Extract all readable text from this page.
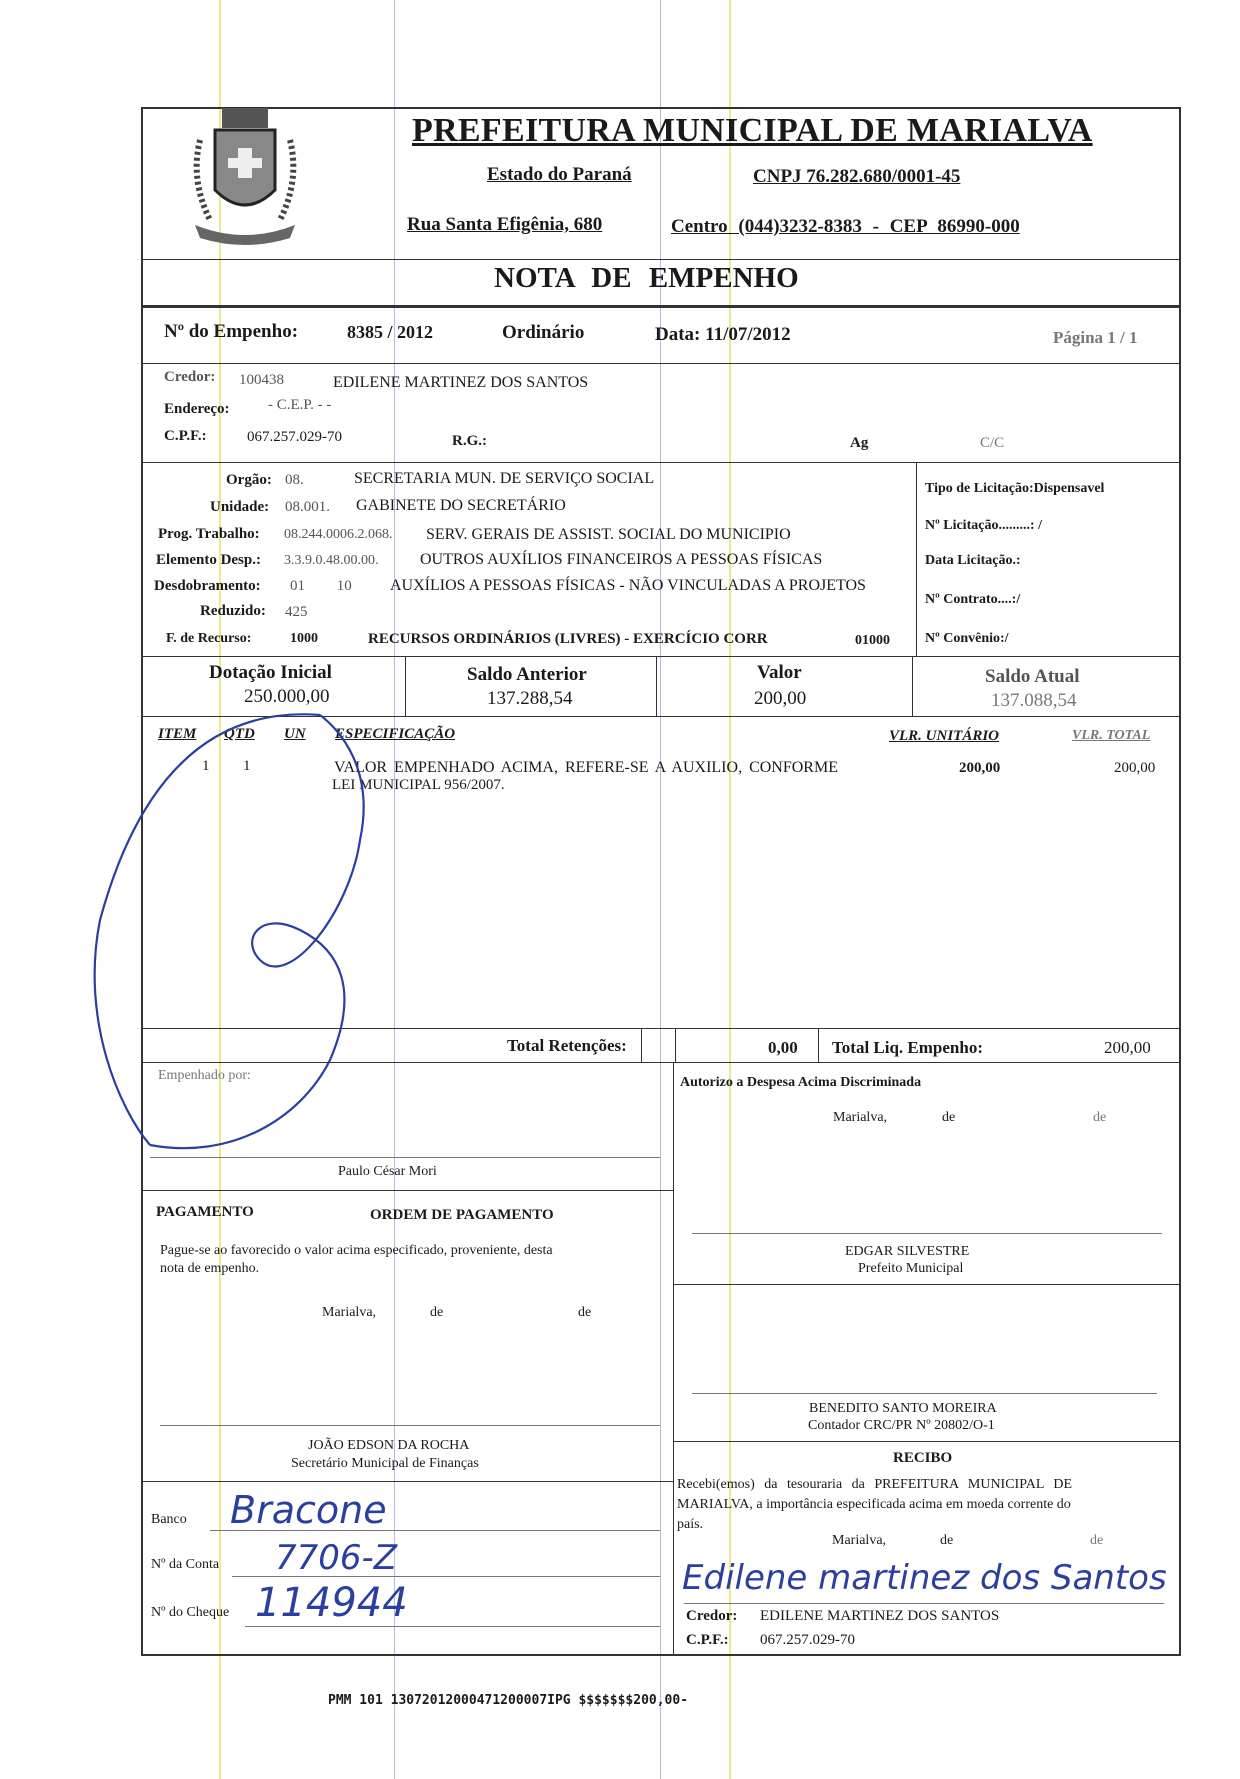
PREFEITURA MUNICIPAL DE MARIALVA
Estado do Paraná	CNPJ 76.282.680/0001-45
Rua Santa Efigênia, 680	Centro (044)3232-8383 - CEP 86990-000
NOTA DE EMPENHO
Nº do Empenho:	8385 / 2012	Ordinário	Data: 11/07/2012	Página 1 / 1
Credor: 100438	EDILENE MARTINEZ DOS SANTOS
Endereço:	- C.E.P. - -
C.P.F.:	067.257.029-70	R.G.:	Ag	C/C
Orgão: 08.	SECRETARIA MUN. DE SERVIÇO SOCIAL
Unidade: 08.001. GABINETE DO SECRETÁRIO
Prog. Trabalho: 08.244.0006.2.068. SERV. GERAIS DE ASSIST. SOCIAL DO MUNICIPIO
Elemento Desp.: 3.3.9.0.48.00.00.	OUTROS AUXÍLIOS FINANCEIROS A PESSOAS FÍSICAS
Desdobramento: 01 10 AUXÍLIOS A PESSOAS FÍSICAS - NÃO VINCULADAS A PROJETOS
Reduzido: 425
F. de Recurso:	1000	RECURSOS ORDINÁRIOS (LIVRES) - EXERCÍCIO CORR	01000
Tipo de Licitação:Dispensavel
Nº Licitação.........: /
Data Licitação.:
Nº Contrato....:/
Nº Convênio:/
Dotação Inicial
250.000,00
Saldo Anterior
137.288,54
Valor
200,00
Saldo Atual
137.088,54
ITEM QTD UN ESPECIFICAÇÃO	VLR. UNITÁRIO	VLR. TOTAL
1 1	VALOR EMPENHADO ACIMA, REFERE-SE A AUXILIO, CONFORME
LEI MUNICIPAL 956/2007.
200,00	200,00
Total Retenções:	0,00 Total Liq. Empenho:	200,00
Empenhado por:
Paulo César Mori
Autorizo a Despesa Acima Discriminada
Marialva,	de	de
PAGAMENTO	ORDEM DE PAGAMENTO
Pague-se ao favorecido o valor acima especificado, proveniente, desta
nota de empenho.
Marialva,	de	de
EDGAR SILVESTRE
Prefeito Municipal
BENEDITO SANTO MOREIRA
Contador CRC/PR Nº 20802/O-1
JOÃO EDSON DA ROCHA
Secretário Municipal de Finanças	RECIBO
Recebi(emos) da tesouraria da PREFEITURA MUNICIPAL DE
MARIALVA, a importância especificada acima em moeda corrente do
país.
Marialva,	de	de
Credor: EDILENE MARTINEZ DOS SANTOS
C.P.F.: 067.257.029-70
Banco Bracone
Nº da Conta 7706-Z
Nº do Cheque 114944
Edilene martinez dos Santos
PMM 101 13072012000471200007IPG $$$$$$$200,00-
